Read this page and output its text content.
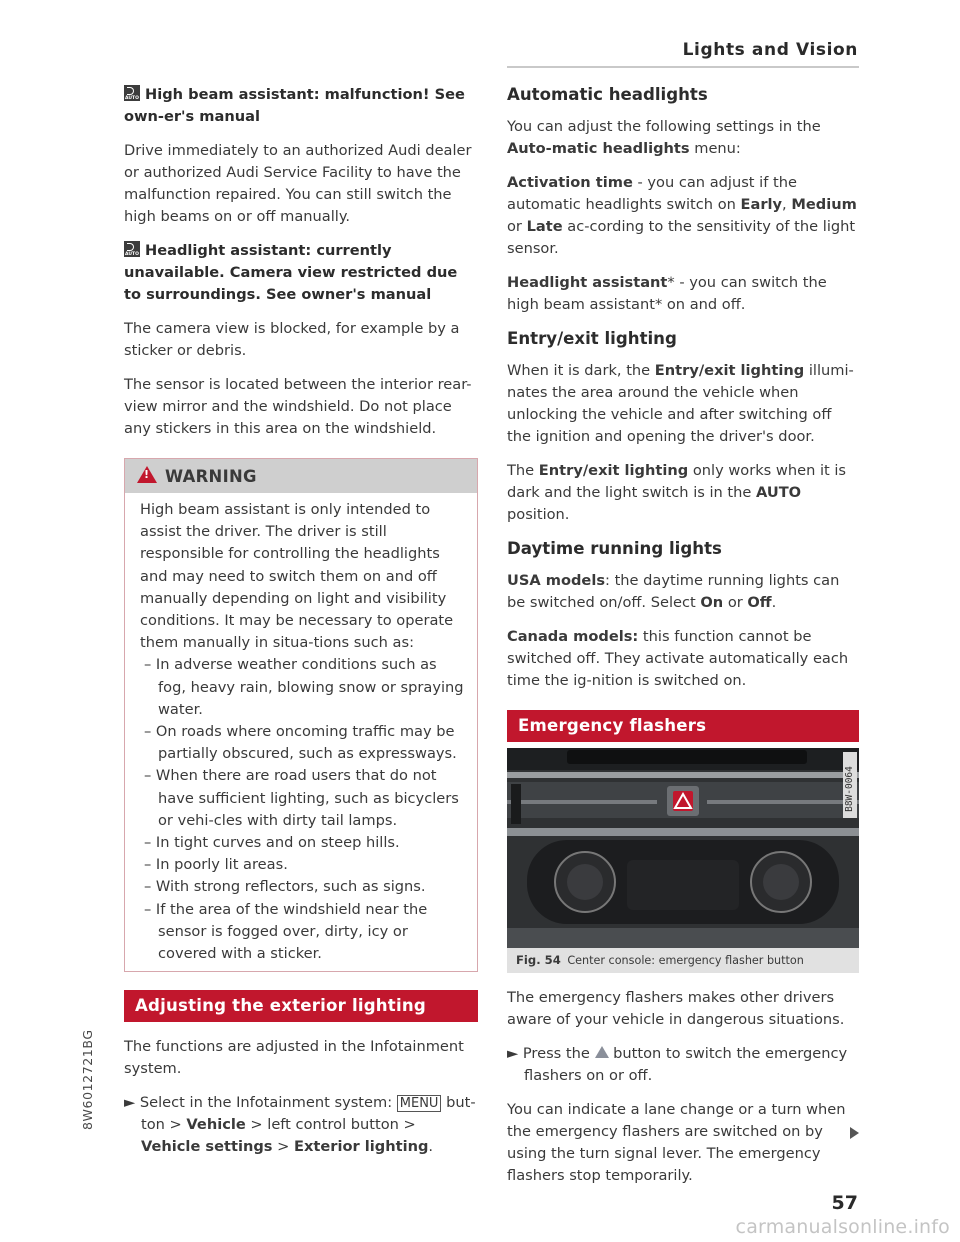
Lights and Vision

AUTOHigh beam assistant: malfunction! See own-er's manual

Drive immediately to an authorized Audi dealer or authorized Audi Service Facility to have the malfunction repaired. You can still switch the high beams on or off manually.

AUTOHeadlight assistant: currently unavailable. Camera view restricted due to surroundings. See owner's manual

The camera view is blocked, for example by a sticker or debris.

The sensor is located between the interior rear-view mirror and the windshield. Do not place any stickers in this area on the windshield.

!WARNING
High beam assistant is only intended to assist the driver. The driver is still responsible for controlling the headlights and may need to switch them on and off manually depending on light and visibility conditions. It may be necessary to operate them manually in situa-tions such as:
– In adverse weather conditions such as fog, heavy rain, blowing snow or spraying water.
– On roads where oncoming traffic may be partially obscured, such as expressways.
– When there are road users that do not have sufficient lighting, such as bicyclers or vehi-cles with dirty tail lamps.
– In tight curves and on steep hills.
– In poorly lit areas.
– With strong reflectors, such as signs.
– If the area of the windshield near the sensor is fogged over, dirty, icy or covered with a sticker.
Adjusting the exterior lighting

The functions are adjusted in the Infotainment system.

► Select in the Infotainment system: MENU but-ton > Vehicle > left control button > Vehicle settings > Exterior lighting.

Automatic headlights

You can adjust the following settings in the Auto-matic headlights menu:

Activation time - you can adjust if the automatic headlights switch on Early, Medium or Late ac-cording to the sensitivity of the light sensor.

Headlight assistant* - you can switch the high beam assistant* on and off.

Entry/exit lighting

When it is dark, the Entry/exit lighting illumi-nates the area around the vehicle when unlocking the vehicle and after switching off the ignition and opening the driver's door.

The Entry/exit lighting only works when it is dark and the light switch is in the AUTO position.

Daytime running lights

USA models: the daytime running lights can be switched on/off. Select On or Off.

Canada models: this function cannot be switched off. They activate automatically each time the ig-nition is switched on.

Emergency flashers
B8W-0064
Fig. 54 Center console: emergency flasher button

The emergency flashers makes other drivers aware of your vehicle in dangerous situations.

► Press the button to switch the emergency flashers on or off.

You can indicate a lane change or a turn when the emergency flashers are switched on by using the turn signal lever. The emergency flashers stop temporarily.

8W6012721BG
57
carmanualsonline.info
